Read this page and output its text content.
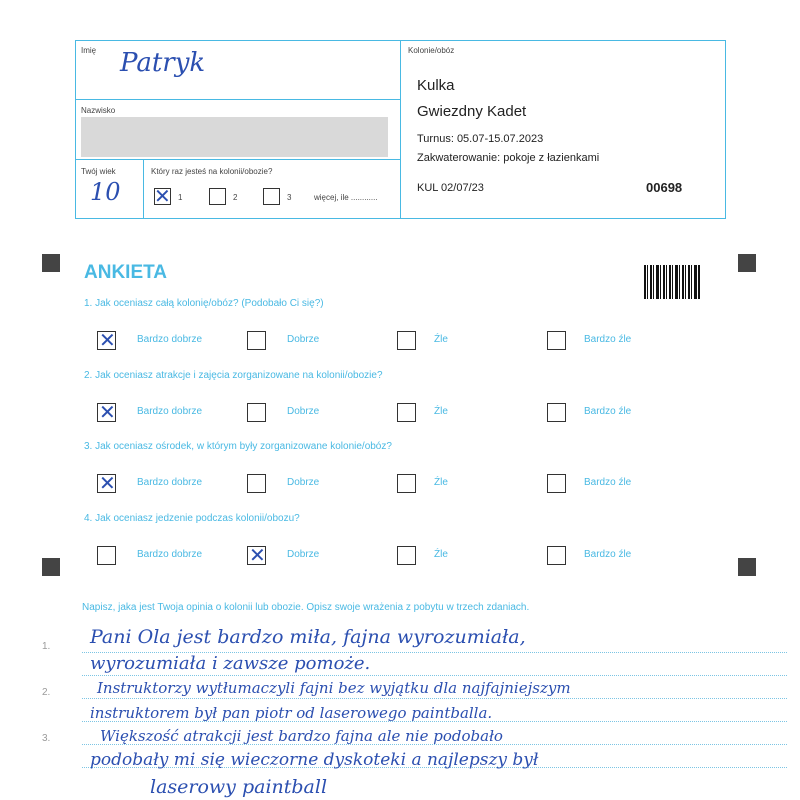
Imię Patryk
Nazwisko
Twój wiek
10
Który raz jesteś na kolonii/obozie?
✕ 1	2	3	więcej, ile ............
Kolonie/obóz
Kulka
Gwiezdny Kadet
Turnus: 05.07-15.07.2023
Zakwaterowanie: pokoje z łazienkami
KUL 02/07/23	00698
ANKIETA
1. Jak oceniasz całą kolonię/obóz? (Podobało Ci się?)
✕ Bardzo dobrze	Dobrze	Źle	Bardzo źle
2. Jak oceniasz atrakcje i zajęcia zorganizowane na kolonii/obozie?
✕ Bardzo dobrze	Dobrze	Źle	Bardzo źle
3. Jak oceniasz ośrodek, w którym były zorganizowane kolonie/obóz?
✕ Bardzo dobrze	Dobrze	Źle	Bardzo źle
4. Jak oceniasz jedzenie podczas kolonii/obozu?
Bardzo dobrze ✕ Dobrze	Źle	Bardzo źle
Napisz, jaka jest Twoja opinia o kolonii lub obozie. Opisz swoje wrażenia z pobytu w trzech zdaniach.
1.
2.
3.
Pani Ola jest bardzo miła, fajna wyrozumiała,
wyrozumiała i zawsze pomoże.
Instruktorzy wytłumaczyli fajni bez wyjątku dla najfajniejszym
instruktorem był pan piotr od laserowego paintballa.
Większość atrakcji jest bardzo fajna ale nie podobało
podobały mi się wieczorne dyskoteki a najlepszy był
laserowy paintball
